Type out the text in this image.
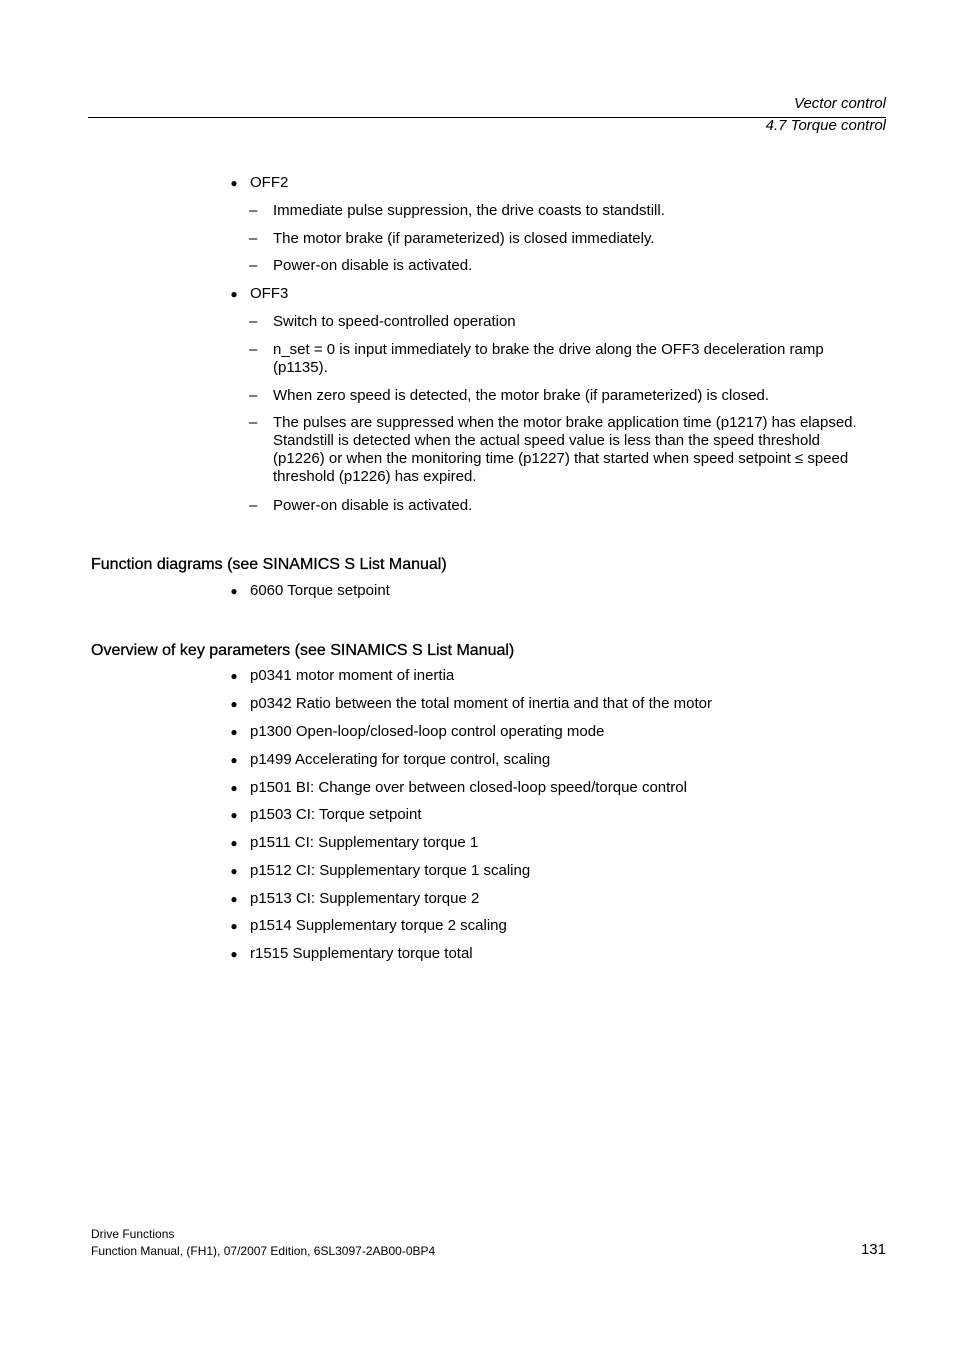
Vector control
4.7 Torque control
● OFF2
– Immediate pulse suppression, the drive coasts to standstill.
– The motor brake (if parameterized) is closed immediately.
– Power-on disable is activated.
● OFF3
– Switch to speed-controlled operation
– n_set = 0 is input immediately to brake the drive along the OFF3 deceleration ramp (p1135).
– When zero speed is detected, the motor brake (if parameterized) is closed.
– The pulses are suppressed when the motor brake application time (p1217) has elapsed. Standstill is detected when the actual speed value is less than the speed threshold (p1226) or when the monitoring time (p1227) that started when speed setpoint ≤ speed threshold (p1226) has expired.
– Power-on disable is activated.
Function diagrams (see SINAMICS S List Manual)
● 6060 Torque setpoint
Overview of key parameters (see SINAMICS S List Manual)
● p0341 motor moment of inertia
● p0342 Ratio between the total moment of inertia and that of the motor
● p1300 Open-loop/closed-loop control operating mode
● p1499 Accelerating for torque control, scaling
● p1501 BI: Change over between closed-loop speed/torque control
● p1503 CI: Torque setpoint
● p1511 CI: Supplementary torque 1
● p1512 CI: Supplementary torque 1 scaling
● p1513 CI: Supplementary torque 2
● p1514 Supplementary torque 2 scaling
● r1515 Supplementary torque total
Drive Functions
Function Manual, (FH1), 07/2007 Edition, 6SL3097-2AB00-0BP4	131
